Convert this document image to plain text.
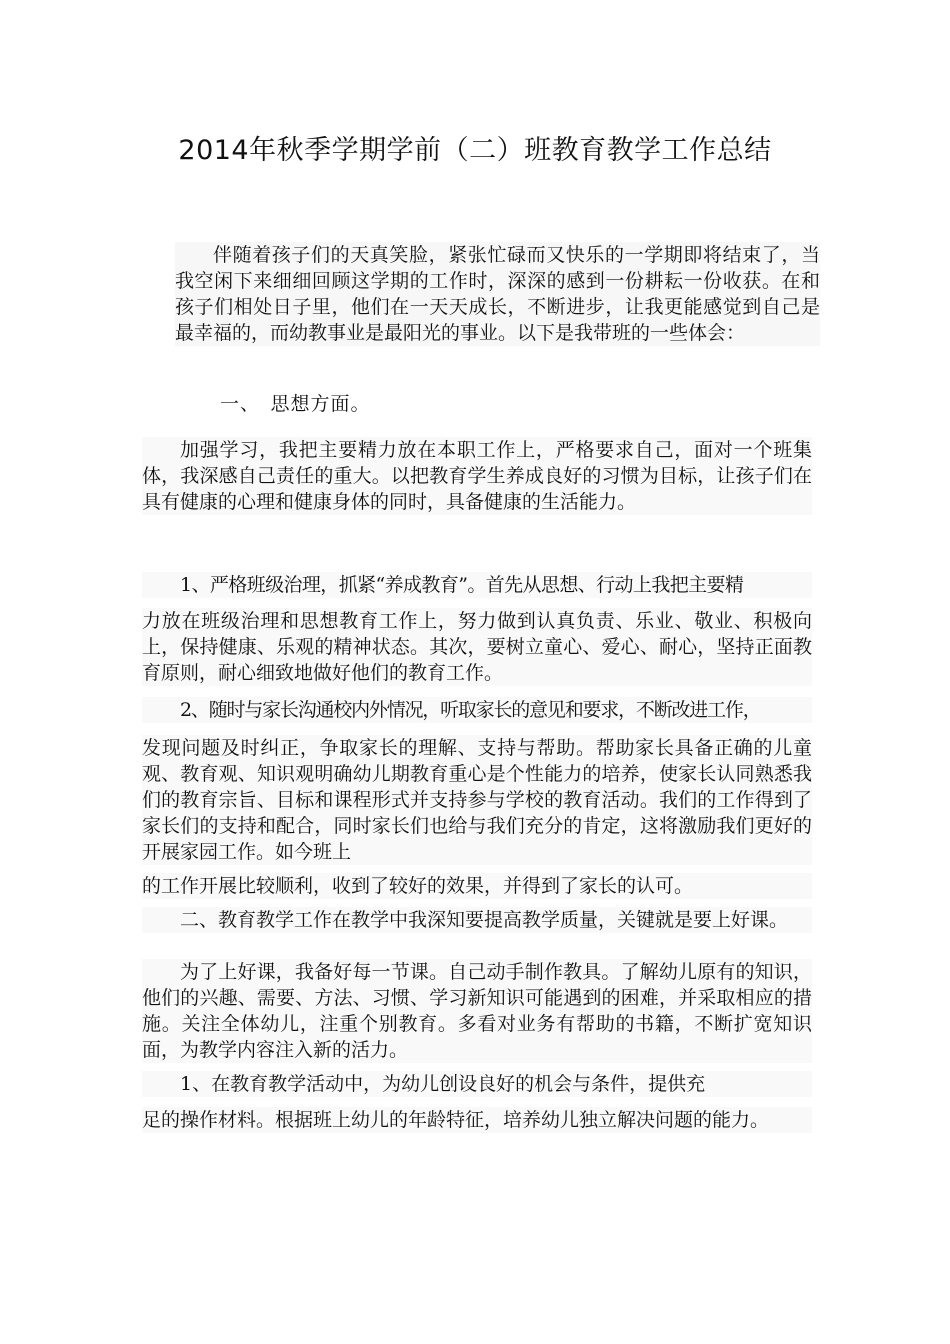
2014年秋季学期学前（二）班教育教学工作总结
伴随着孩子们的天真笑脸，紧张忙碌而又快乐的一学期即将结束了，当我空闲下来细细回顾这学期的工作时，深深的感到一份耕耘一份收获。在和孩子们相处日子里，他们在一天天成长，不断进步，让我更能感觉到自己是最幸福的，而幼教事业是最阳光的事业。以下是我带班的一些体会：
一、　思想方面。

加强学习，我把主要精力放在本职工作上，严格要求自己，面对一个班集体，我深感自己责任的重大。以把教育学生养成良好的习惯为目标，让孩子们在具有健康的心理和健康身体的同时，具备健康的生活能力。

1、严格班级治理，抓紧“养成教育”。首先从思想、行动上我把主要精

力放在班级治理和思想教育工作上，努力做到认真负责、乐业、敬业、积极向上，保持健康、乐观的精神状态。其次，要树立童心、爱心、耐心，坚持正面教育原则，耐心细致地做好他们的教育工作。

2、随时与家长沟通校内外情况，听取家长的意见和要求，不断改进工作，

发现问题及时纠正，争取家长的理解、支持与帮助。帮助家长具备正确的儿童观、教育观、知识观明确幼儿期教育重心是个性能力的培养，使家长认同熟悉我们的教育宗旨、目标和课程形式并支持参与学校的教育活动。我们的工作得到了家长们的支持和配合，同时家长们也给与我们充分的肯定，这将激励我们更好的开展家园工作。如今班上

的工作开展比较顺利，收到了较好的效果，并得到了家长的认可。

二、教育教学工作在教学中我深知要提高教学质量，关键就是要上好课。

为了上好课，我备好每一节课。自己动手制作教具。了解幼儿原有的知识，他们的兴趣、需要、方法、习惯、学习新知识可能遇到的困难，并采取相应的措施。关注全体幼儿，注重个别教育。多看对业务有帮助的书籍，不断扩宽知识面，为教学内容注入新的活力。

1、在教育教学活动中，为幼儿创设良好的机会与条件，提供充

足的操作材料。根据班上幼儿的年龄特征，培养幼儿独立解决问题的能力。
